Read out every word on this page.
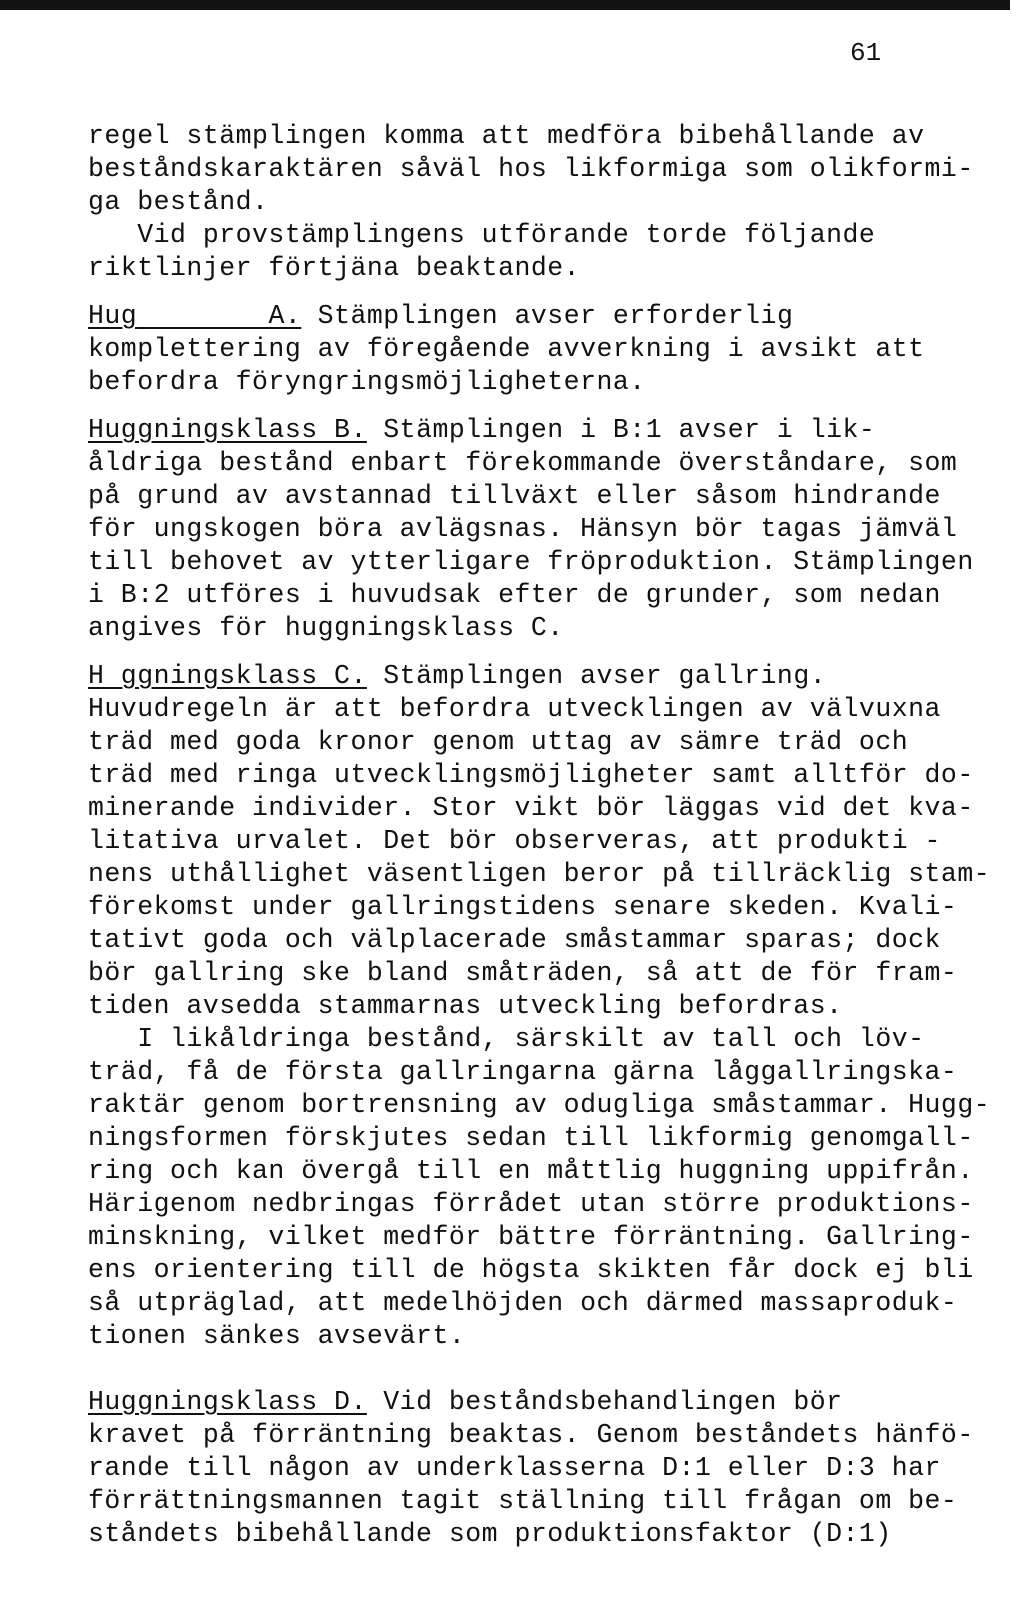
61
regel stämplingen komma att medföra bibehållande av
beståndskaraktären såväl hos likformiga som olikformi-
ga bestånd.
Vid provstämplingens utförande torde följande
riktlinjer förtjäna beaktande.
Hug	A. Stämplingen avser erforderlig
komplettering av föregående avverkning i avsikt att
befordra föryngringsmöjligheterna.
Huggningsklass B. Stämplingen i B:1 avser i lik-
åldriga bestånd enbart förekommande överståndare, som
på grund av avstannad tillväxt eller såsom hindrande
för ungskogen böra avlägsnas. Hänsyn bör tagas jämväl
till behovet av ytterligare fröproduktion. Stämplingen
i B:2 utföres i huvudsak efter de grunder, som nedan
angives för huggningsklass C.
H ggningsklass C. Stämplingen avser gallring.
Huvudregeln är att befordra utvecklingen av välvuxna
träd med goda kronor genom uttag av sämre träd och
träd med ringa utvecklingsmöjligheter samt alltför do-
minerande individer. Stor vikt bör läggas vid det kva-
litativa urvalet. Det bör observeras, att produkti -
nens uthållighet väsentligen beror på tillräcklig stam-
förekomst under gallringstidens senare skeden. Kvali-
tativt goda och välplacerade småstammar sparas; dock
bör gallring ske bland småträden, så att de för fram-
tiden avsedda stammarnas utveckling befordras.
I likåldringa bestånd, särskilt av tall och löv-
träd, få de första gallringarna gärna låggallringska-
raktär genom bortrensning av odugliga småstammar. Hugg-
ningsformen förskjutes sedan till likformig genomgall-
ring och kan övergå till en måttlig huggning uppifrån.
Härigenom nedbringas förrådet utan större produktions-
minskning, vilket medför bättre förräntning. Gallring-
ens orientering till de högsta skikten får dock ej bli
så utpräglad, att medelhöjden och därmed massaproduk-
tionen sänkes avsevärt.
Huggningsklass D. Vid beståndsbehandlingen bör
kravet på förräntning beaktas. Genom beståndets hänfö-
rande till någon av underklasserna D:1 eller D:3 har
förrättningsmannen tagit ställning till frågan om be-
ståndets bibehållande som produktionsfaktor (D:1)
